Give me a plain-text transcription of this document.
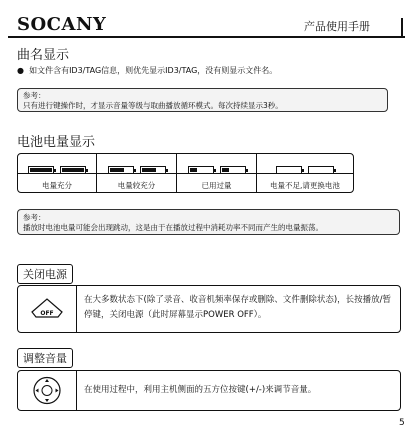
SOCANY	产品使用手册
曲名显示
●  如文件含有ID3/TAG信息，则优先显示ID3/TAG，没有则显示文件名。
参考：
只有进行键操作时，才显示音量等级与取曲播放循环模式。每次持续显示3秒。
电池电量显示
电量充分	电量较充分	已用过量	电量不足,请更换电池
参考：
播放时电池电量可能会出现跳动，这是由于在播放过程中消耗功率不同而产生的电量振荡。
关闭电源
OFF
在大多数状态下(除了录音、收音机频率保存或删除、文件删除状态)，长按播放/暂停键，关闭电源（此时屏幕显示POWER OFF）。
调整音量
在使用过程中，利用主机侧面的五方位按键(+/-)来调节音量。
5
